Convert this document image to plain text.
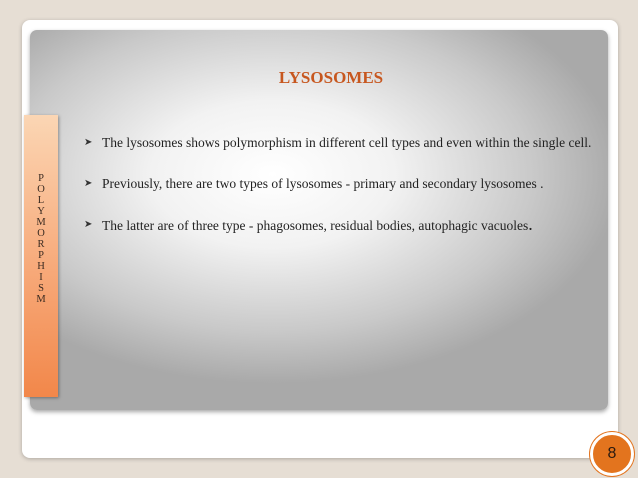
LYSOSOMES
P
O
L
Y
M
O
R
P
H
I
S
M
➤ The lysosomes shows polymorphism in different cell types and even within the single cell.
➤ Previously, there are two types of lysosomes - primary and secondary lysosomes .
➤ The latter are of three type - phagosomes, residual bodies, autophagic vacuoles.
8
